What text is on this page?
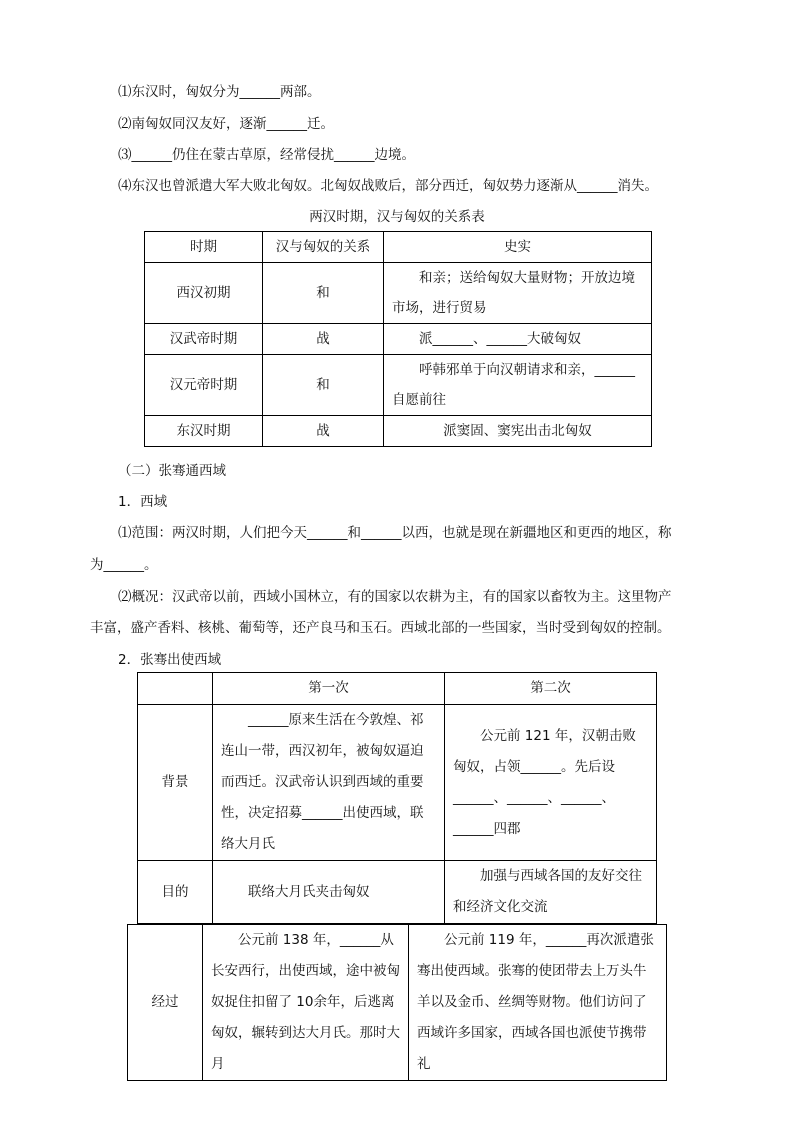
⑴东汉时，匈奴分为______两部。
⑵南匈奴同汉友好，逐渐______迁。
⑶______仍住在蒙古草原，经常侵扰______边境。
⑷东汉也曾派遣大军大败北匈奴。北匈奴战败后，部分西迁，匈奴势力逐渐从______消失。
两汉时期，汉与匈奴的关系表
时期	汉与匈奴的关系	史实
西汉初期	和	和亲；送给匈奴大量财物；开放边境市场，进行贸易
汉武帝时期	战	派______、______大破匈奴
汉元帝时期	和	呼韩邪单于向汉朝请求和亲，______自愿前往
东汉时期	战	派窦固、窦宪出击北匈奴
（二）张骞通西域
1．西域
⑴范围：两汉时期，人们把今天______和______以西，也就是现在新疆地区和更西的地区，称
为______。
⑵概况：汉武帝以前，西域小国林立，有的国家以农耕为主，有的国家以畜牧为主。这里物产
丰富，盛产香料、核桃、葡萄等，还产良马和玉石。西域北部的一些国家，当时受到匈奴的控制。
2．张骞出使西域
	第一次	第二次
背景	______原来生活在今敦煌、祁连山一带，西汉初年，被匈奴逼迫而西迁。汉武帝认识到西域的重要性，决定招募______出使西域，联络大月氏	公元前 121 年，汉朝击败匈奴，占领______。先后设______、______、______、______四郡
目的	联络大月氏夹击匈奴	加强与西域各国的友好交往和经济文化交流
经过	公元前 138 年，______从长安西行，出使西域，途中被匈奴捉住扣留了 10余年，后逃离匈奴，辗转到达大月氏。那时大月	公元前 119 年，______再次派遣张骞出使西域。张骞的使团带去上万头牛羊以及金币、丝绸等财物。他们访问了西域许多国家，西域各国也派使节携带礼
